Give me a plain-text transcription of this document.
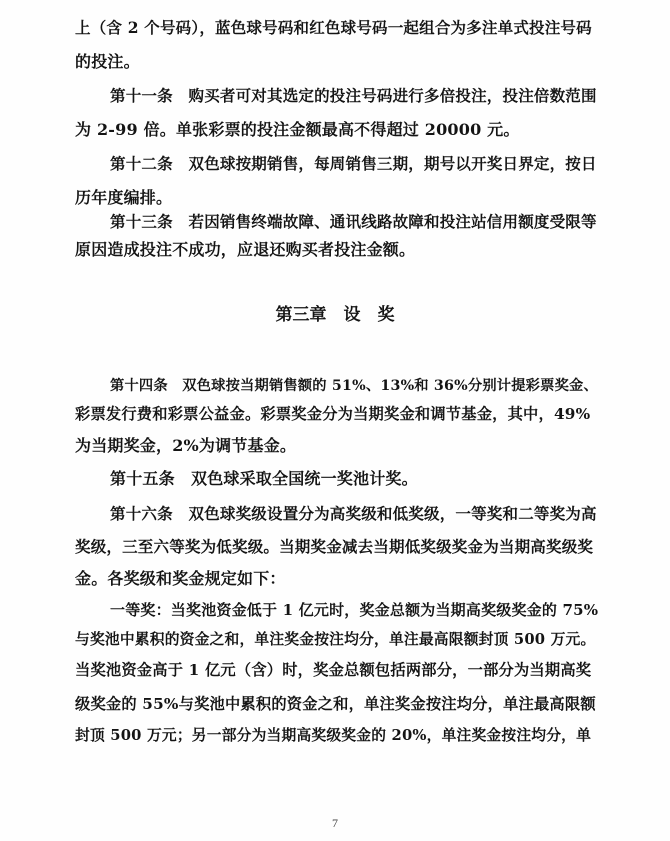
上（含 2 个号码），蓝色球号码和红色球号码一起组合为多注单式投注号码
的投注。
第十一条　购买者可对其选定的投注号码进行多倍投注，投注倍数范围
为 2-99 倍。单张彩票的投注金额最高不得超过 20000 元。
第十二条　双色球按期销售，每周销售三期，期号以开奖日界定，按日
历年度编排。
第十三条　若因销售终端故障、通讯线路故障和投注站信用额度受限等
原因造成投注不成功，应退还购买者投注金额。
第三章　设　奖
第十四条　双色球按当期销售额的 51%、13%和 36%分别计提彩票奖金、
彩票发行费和彩票公益金。彩票奖金分为当期奖金和调节基金，其中，49%
为当期奖金，2%为调节基金。
第十五条　双色球采取全国统一奖池计奖。
第十六条　双色球奖级设置分为高奖级和低奖级，一等奖和二等奖为高
奖级，三至六等奖为低奖级。当期奖金减去当期低奖级奖金为当期高奖级奖
金。各奖级和奖金规定如下：
一等奖：当奖池资金低于 1 亿元时，奖金总额为当期高奖级奖金的 75%
与奖池中累积的资金之和，单注奖金按注均分，单注最高限额封顶 500 万元。
当奖池资金高于 1 亿元（含）时，奖金总额包括两部分，一部分为当期高奖
级奖金的 55%与奖池中累积的资金之和，单注奖金按注均分，单注最高限额
封顶 500 万元；另一部分为当期高奖级奖金的 20%，单注奖金按注均分，单
7
